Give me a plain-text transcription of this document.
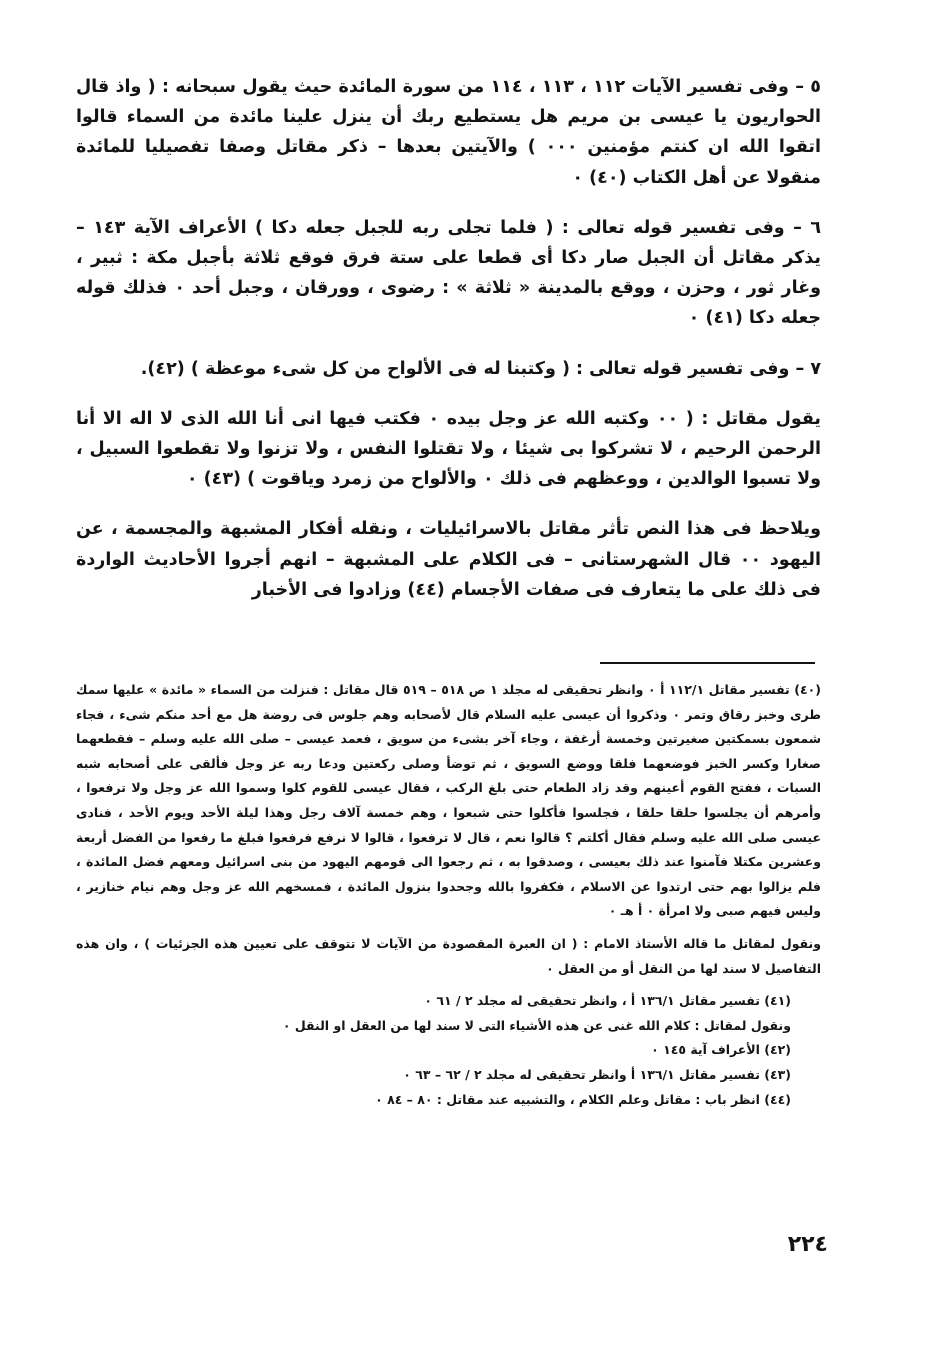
٥ – وفى تفسير الآيات ١١٢ ، ١١٣ ، ١١٤ من سورة المائدة حيث يقول سبحانه : ( واذ قال الحواريون يا عيسى بن مريم هل يستطيع ربك أن ينزل علينا مائدة من السماء قالوا اتقوا الله ان كنتم مؤمنين ٠٠٠ ) والآيتين بعدها – ذكر مقاتل وصفا تفصيليا للمائدة منقولا عن أهل الكتاب (٤٠) ٠

٦ – وفى تفسير قوله تعالى : ( فلما تجلى ربه للجبل جعله دكا ) الأعراف الآية ١٤٣ – يذكر مقاتل أن الجبل صار دكا أى قطعا على ستة فرق فوقع ثلاثة بأجبل مكة : ثبير ، وغار ثور ، وحزن ، ووقع بالمدينة « ثلاثة » : رضوى ، وورقان ، وجبل أحد ٠ فذلك قوله جعله دكا (٤١) ٠

٧ – وفى تفسير قوله تعالى : ( وكتبنا له فى الألواح من كل شىء موعظة ) (٤٢).

يقول مقاتل : ( ٠٠ وكتبه الله عز وجل بيده ٠ فكتب فيها انى أنا الله الذى لا اله الا أنا الرحمن الرحيم ، لا تشركوا بى شيئا ، ولا تقتلوا النفس ، ولا تزنوا ولا تقطعوا السبيل ، ولا تسبوا الوالدين ، ووعظهم فى ذلك ٠ والألواح من زمرد وياقوت ) (٤٣) ٠

ويلاحظ فى هذا النص تأثر مقاتل بالاسرائيليات ، ونقله أفكار المشبهة والمجسمة ، عن اليهود ٠٠ قال الشهرستانى – فى الكلام على المشبهة – انهم أجروا الأحاديث الواردة فى ذلك على ما يتعارف فى صفات الأجسام (٤٤) وزادوا فى الأخبار

(٤٠) تفسير مقاتل ١١٢/١ أ ٠ وانظر تحقيقى له مجلد ١ ص ٥١٨ – ٥١٩ قال مقاتل : فنزلت من السماء « مائدة » عليها سمك طرى وخبز رقاق وتمر ٠ وذكروا أن عيسى عليه السلام قال لأصحابه وهم جلوس فى روضة هل مع أحد منكم شىء ، فجاء شمعون بسمكتين صغيرتين وخمسة أرغفة ، وجاء آخر بشىء من سويق ، فعمد عيسى – صلى الله عليه وسلم – فقطعهما صغارا وكسر الخبز فوضعهما فلقا ووضع السويق ، ثم توضأ وصلى ركعتين ودعا ربه عز وجل فألقى على أصحابه شبه السبات ، ففتح القوم أعينهم وقد زاد الطعام حتى بلغ الركب ، فقال عيسى للقوم كلوا وسموا الله عز وجل ولا ترفعوا ، وأمرهم أن يجلسوا حلقا حلقا ، فجلسوا فأكلوا حتى شبعوا ، وهم خمسة آلاف رجل وهذا ليلة الأحد ويوم الأحد ، فنادى عيسى صلى الله عليه وسلم فقال أكلتم ؟ قالوا نعم ، قال لا ترفعوا ، قالوا لا نرفع فرفعوا فبلغ ما رفعوا من الفضل أربعة وعشرين مكتلا فآمنوا عند ذلك بعيسى ، وصدقوا به ، ثم رجعوا الى قومهم اليهود من بنى اسرائيل ومعهم فضل المائدة ، فلم يزالوا بهم حتى ارتدوا عن الاسلام ، فكفروا بالله وجحدوا بنزول المائدة ، فمسخهم الله عز وجل وهم نيام خنازير ، وليس فيهم صبى ولا امرأة ٠ أ هـ ٠

ونقول لمقاتل ما قاله الأستاذ الامام : ( ان العبرة المقصودة من الآيات لا تتوقف على تعيين هذه الجزئيات ) ، وان هذه التفاصيل لا سند لها من النقل أو من العقل ٠

(٤١) تفسير مقاتل ١٣٦/١ أ ، وانظر تحقيقى له مجلد ٢ / ٦١ ٠

ونقول لمقاتل : كلام الله غنى عن هذه الأشياء التى لا سند لها من العقل او النقل ٠

(٤٢) الأعراف آية ١٤٥ ٠

(٤٣) تفسير مقاتل ١٣٦/١ أ وانظر تحقيقى له مجلد ٢ / ٦٢ – ٦٣ ٠

(٤٤) انظر باب : مقاتل وعلم الكلام ، والتشبيه عند مقاتل : ٨٠ – ٨٤ ٠

٢٢٤
